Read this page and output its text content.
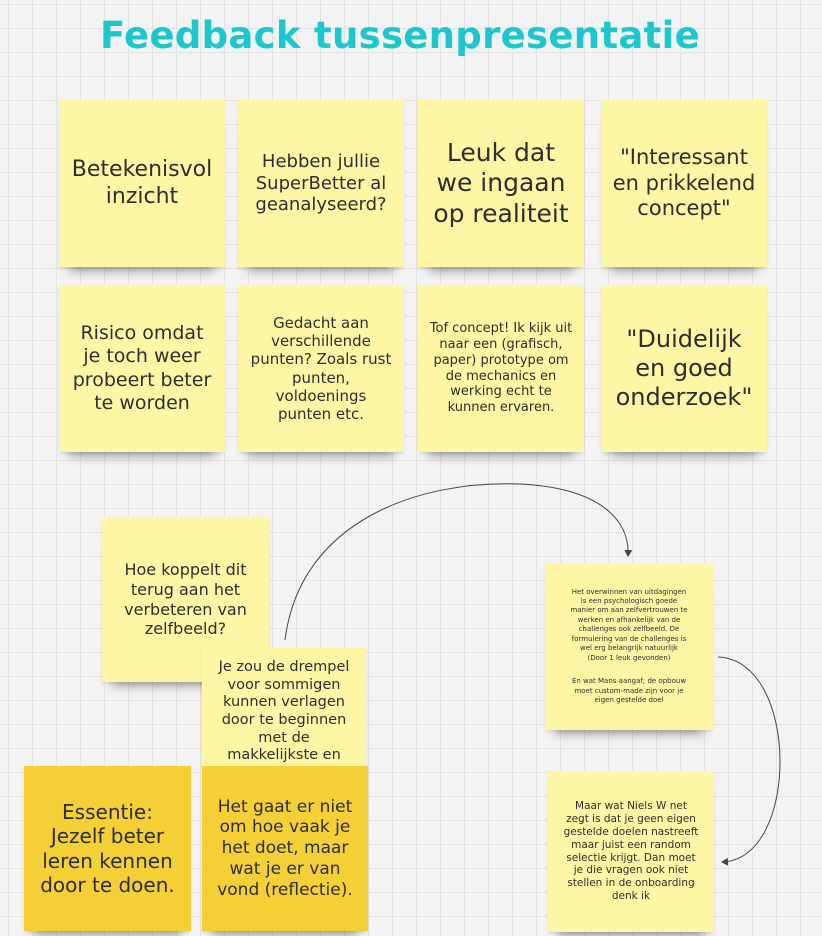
Feedback tussenpresentatie
Betekenisvol inzicht
Hebben jullie SuperBetter al geanalyseerd?
Leuk dat we ingaan op realiteit
"Interessant en prikkelend concept"
Risico omdat je toch weer probeert beter te worden
Gedacht aan verschillende punten? Zoals rust punten, voldoenings punten etc.
Tof concept! Ik kijk uit naar een (grafisch, paper) prototype om de mechanics en werking echt te kunnen ervaren.
"Duidelijk en goed onderzoek"
Hoe koppelt dit terug aan het verbeteren van zelfbeeld?
Je zou de drempel voor sommigen kunnen verlagen door te beginnen met de makkelijkste en
Essentie: Jezelf beter leren kennen door te doen.
Het gaat er niet om hoe vaak je het doet, maar wat je er van vond (reflectie).

Het overwinnen van uitdagingen is een psychologisch goede manier om aan zelfvertrouwen te werken en afhankelijk van de challenges ook zelfbeeld. De formulering van de challenges is wel erg belangrijk natuurlijk
(Door 1 leuk gevonden)

En wat Mans aangaf; de opbouw moet custom-made zijn voor je eigen gestelde doel

Maar wat Niels W net zegt is dat je geen eigen gestelde doelen nastreeft maar juist een random selectie krijgt. Dan moet je die vragen ook niet stellen in de onboarding denk ik
